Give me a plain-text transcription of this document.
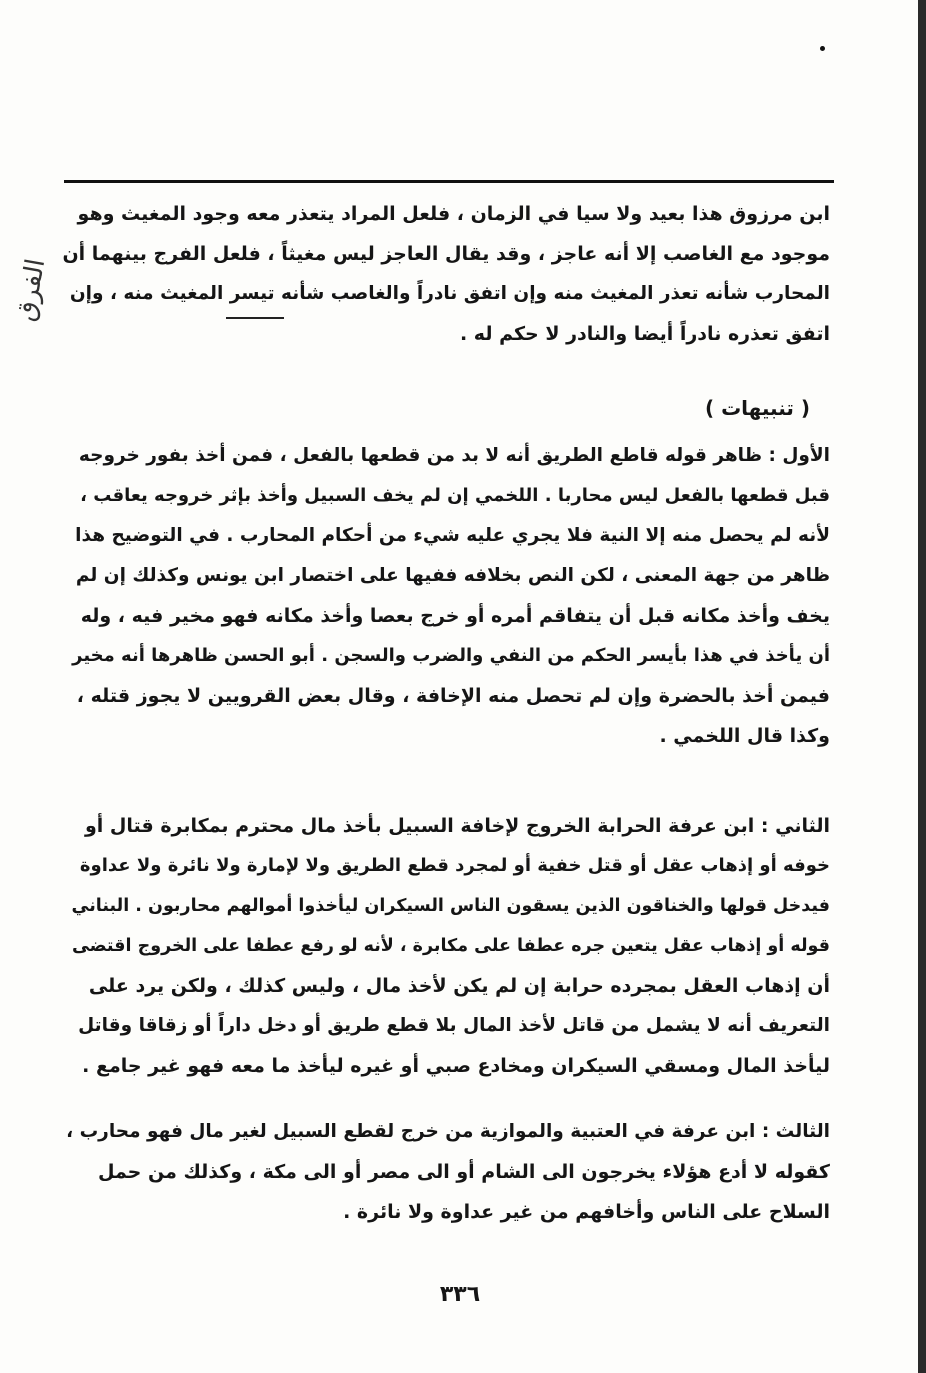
الفرق
ابن مرزوق هذا بعيد ولا سيا في الزمان ، فلعل المراد يتعذر معه وجود المغيث وهو
موجود مع الغاصب إلا أنه عاجز ، وقد يقال العاجز ليس مغيثاً ، فلعل الفرج بينهما أن
المحارب شأنه تعذر المغيث منه وإن اتفق نادراً والغاصب شأنه تيسر المغيث منه ، وإن
اتفق تعذره نادراً أيضا والنادر لا حكم له .
( تنبيهات )
الأول : ظاهر قوله قاطع الطريق أنه لا بد من قطعها بالفعل ، فمن أخذ بفور خروجه
قبل قطعها بالفعل ليس محاربا . اللخمي إن لم يخف السبيل وأخذ بإثر خروجه يعاقب ،
لأنه لم يحصل منه إلا النية فلا يجري عليه شيء من أحكام المحارب . في التوضيح هذا
ظاهر من جهة المعنى ، لكن النص بخلافه ففيها على اختصار ابن يونس وكذلك إن لم
يخف وأخذ مكانه قبل أن يتفاقم أمره أو خرج بعصا وأخذ مكانه فهو مخير فيه ، وله
أن يأخذ في هذا بأيسر الحكم من النفي والضرب والسجن . أبو الحسن ظاهرها أنه مخير
فيمن أخذ بالحضرة وإن لم تحصل منه الإخافة ، وقال بعض القرويين لا يجوز قتله ،
وكذا قال اللخمي .
الثاني : ابن عرفة الحرابة الخروج لإخافة السبيل بأخذ مال محترم بمكابرة قتال أو
خوفه أو إذهاب عقل أو قتل خفية أو لمجرد قطع الطريق ولا لإمارة ولا نائرة ولا عداوة
فيدخل قولها والخناقون الذين يسقون الناس السيكران ليأخذوا أموالهم محاربون . البناني
قوله أو إذهاب عقل يتعين جره عطفا على مكابرة ، لأنه لو رفع عطفا على الخروج اقتضى
أن إذهاب العقل بمجرده حرابة إن لم يكن لأخذ مال ، وليس كذلك ، ولكن يرد على
التعريف أنه لا يشمل من قاتل لأخذ المال بلا قطع طريق أو دخل داراً أو زقاقا وقاتل
ليأخذ المال ومسقي السيكران ومخادع صبي أو غيره ليأخذ ما معه فهو غير جامع .
الثالث : ابن عرفة في العتبية والموازية من خرج لقطع السبيل لغير مال فهو محارب ،
كقوله لا أدع هؤلاء يخرجون الى الشام أو الى مصر أو الى مكة ، وكذلك من حمل
السلاح على الناس وأخافهم من غير عداوة ولا نائرة .
٣٣٦
